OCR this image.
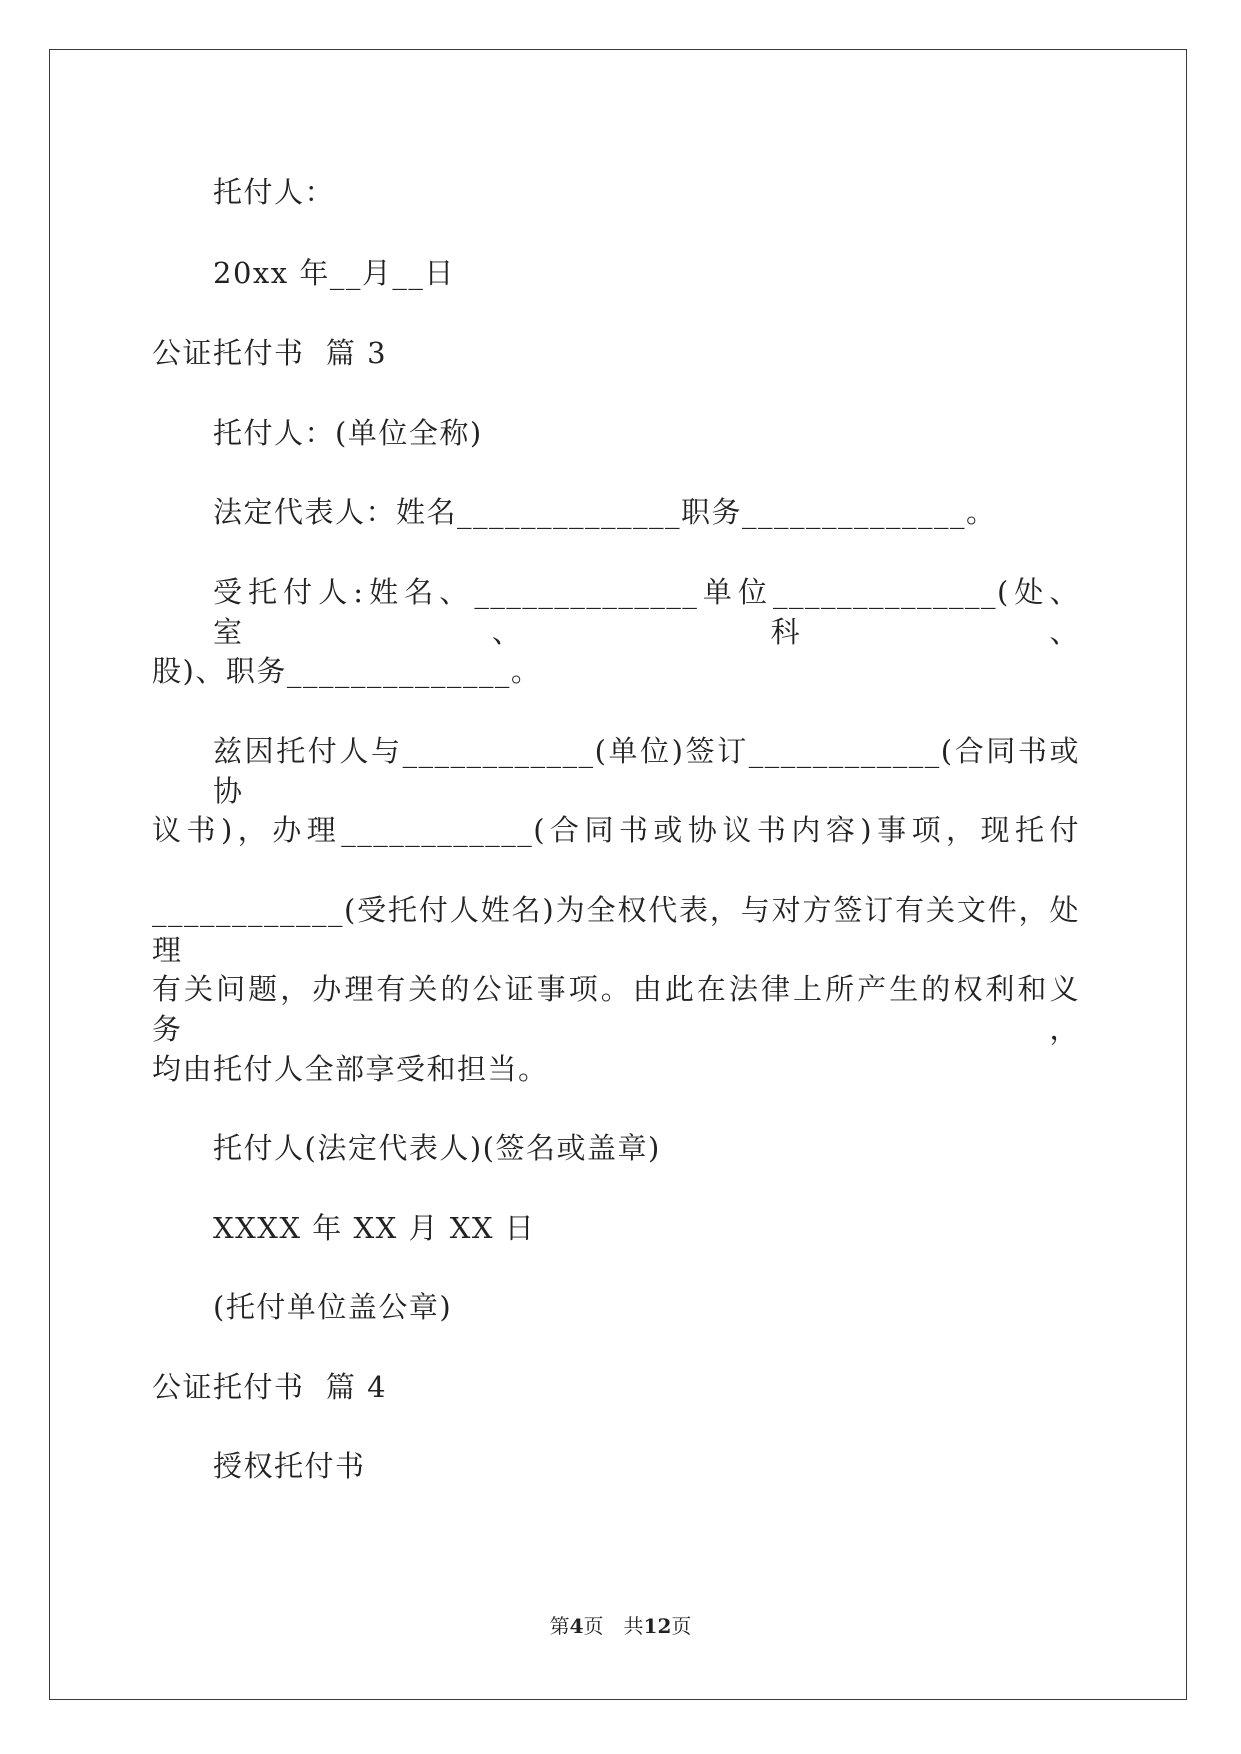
托付人：
20xx 年__月__日
公证托付书  篇 3
托付人：(单位全称)
法定代表人：姓名______________职务______________。
受托付人:姓名、______________单位______________(处、室、科、
股)、职务______________。
兹因托付人与____________(单位)签订____________(合同书或协
议书)，办理____________(合同书或协议书内容)事项，现托付
____________(受托付人姓名)为全权代表，与对方签订有关文件，处理
有关问题，办理有关的公证事项。由此在法律上所产生的权利和义务，
均由托付人全部享受和担当。
托付人(法定代表人)(签名或盖章)
XXXX 年 XX 月 XX 日
(托付单位盖公章)
公证托付书  篇 4
授权托付书
第4页　共12页
